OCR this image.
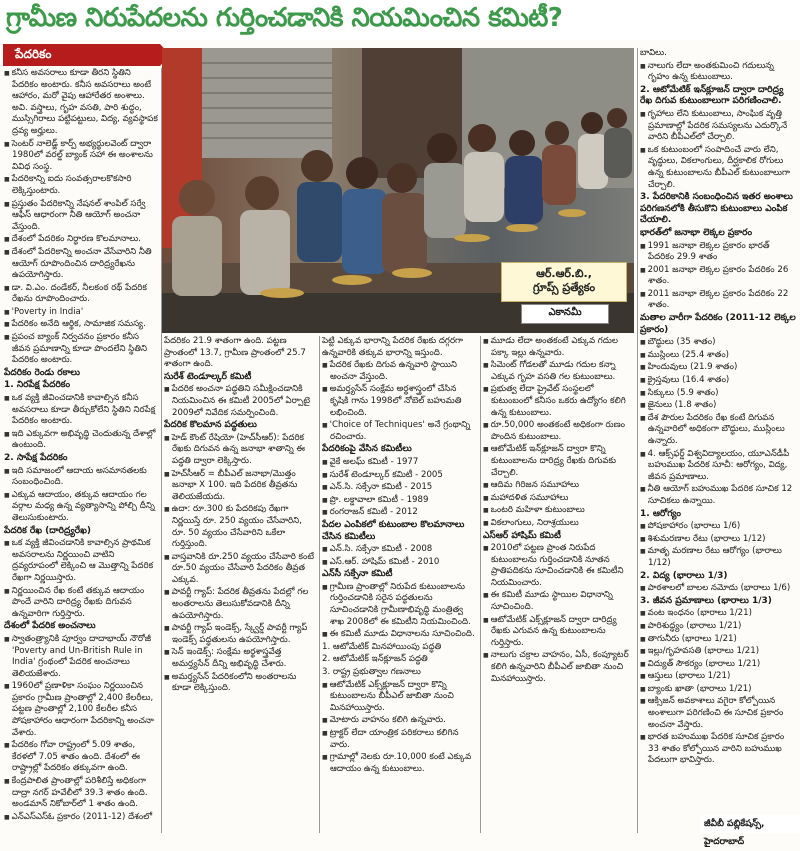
గ్రామీణ నిరుపేదలను గుర్తించడానికి నియమించిన కమిటీ?
పేదరికం
ఆర్‌.ఆర్‌.బి.,
గ్రూప్స్‌ ప్రత్యేకం
ఎకానమీ

■ కనీస అవసరాలు కూడా తీరని స్థితిని పేదరికం అంటారు. కనీస అవసరాలు అంటే ఆహారం, మరో వైపు ఆహారేతర అంశాలు. అవి. వస్త్రాలు, గృహ వసతి, పారి శుద్ధం, ముస్సిగిరాలు పట్టిపట్టులు, విద్య, వ్యవస్థాపక ద్రవ్య అర్హులు.

■ సెంటర్‌ నాలెడ్జ్‌ కార్ప్‌ అభ్యర్థులవెంట్‌ ద్వారా 1980లో వరల్డ్‌ బ్యాంక్‌ సహా ఈ అంశాలను వివిధ సంస్థ.

■ పేదరికాన్ని ఐదు సంవత్సరాలకొకసారి లెక్కిస్తుంటారు.

■ ప్రస్తుతం పేదరికాన్ని నేషనల్‌ శాంపిల్‌ సర్వే ఆఫీస్‌ ఆధారంగా నీతి ఆయోగ్‌ అంచనా వేస్తుంది.

■ దేశంలో పేదరికం నిర్ధారణ కొలమానాలు.

■ దేశంలో పేదరికాన్ని అంచనా వేసేవారిని నీతి ఆయోగ్‌ రూపొందించిన దారిద్ర్యరేఖను ఉపయోగిస్తారు.

■ డా. వి.ఎం. దండేకర్‌, నీలకంఠ రథ్‌ పేదరిక రేఖను రూపొందించారు.

■ 'Poverty in India'

■ పేదరికం అనేది ఆర్థిక, సామాజిక సమస్య.

■ ప్రపంచ బ్యాంక్‌ నిర్వచనం ప్రకారం కనీస జీవన ప్రమాణాన్ని కూడా పొందలేని స్థితిని పేదరికం అంటారు.

పేదరికం రెండు రకాలు

1. నిరపేక్ష పేదరికం

■ ఒక వ్యక్తి జీవించడానికి కావాల్సిన కనీస అవసరాలు కూడా తీర్చుకోలేని స్థితిని నిరపేక్ష పేదరికం అంటారు.

■ ఇది ఎక్కువగా అభివృద్ధి చెందుతున్న దేశాల్లో ఉంటుంది.

2. సాపేక్ష పేదరికం

■ ఇది సమాజంలో ఆదాయ అసమానతలకు సంబంధించింది.

■ ఎక్కువ ఆదాయం, తక్కువ ఆదాయం గల వర్గాల మధ్య ఉన్న వ్యత్యాసాన్ని పోల్చి దీన్ని తెలుసుకుంటారు.

పేదరిక రేఖ (దారిద్ర్యరేఖ)

■ ఒక వ్యక్తి జీవించడానికి కావాల్సిన ప్రాథమిక అవసరాలను నిర్ణయించి వాటిని ద్రవ్యరూపంలో లెక్కించి ఆ మొత్తాన్ని పేదరిక రేఖగా నిర్ణయిస్తారు.

■ నిర్ణయించిన రేఖ కంటే తక్కువ ఆదాయం పొందే వారిని దారిద్ర్య రేఖకు దిగువన ఉన్నవారిగా గుర్తిస్తారు.

దేశంలో పేదరిక అంచనాలు

■ స్వాతంత్ర్యానికి పూర్వం దాదాభాయ్‌ నౌరోజీ 'Poverty and Un-British Rule in India' గ్రంథంలో పేదరిక అంచనాలు తెలియజేశారు.

■ 1960లో ప్రణాళికా సంఘం నిర్ణయించిన ప్రకారం గ్రామీణ ప్రాంతాల్లో 2,400 కేలరీలు, పట్టణ ప్రాంతాల్లో 2,100 కేలరీల కనీస పోషకాహారం ఆధారంగా పేదరికాన్ని అంచనా వేశారు.

■ పేదరికం గోవా రాష్ట్రంలో 5.09 శాతం, కేరళలో 7.05 శాతం ఉంది. దేశంలో ఈ రాష్ట్రాల్లో పేదరికం తక్కువగా ఉంది.

■ కేంద్రపాలిత ప్రాంతాల్లో పరిశీలిస్తే అధికంగా దాద్రా నగర్‌ హవేలీలో 39.3 శాతం ఉంది. అండమాన్‌ నికోబార్‌లో 1 శాతం ఉంది.

■ ఎన్‌ఎస్‌ఎస్‌ఓ ప్రకారం (2011-12) దేశంలో

పేదరికం 21.9 శాతంగా ఉంది. పట్టణ ప్రాంతంలో 13.7, గ్రామీణ ప్రాంతంలో 25.7 శాతంగా ఉంది.

సురేశ్‌ టెండూల్కర్‌ కమిటీ

■ పేదరిక అంచనా పద్ధతిని సమీక్షించడానికి నియమించిన ఈ కమిటీ 2005లో ఏర్పాటై 2009లో నివేదిక సమర్పించింది.

పేదరిక కొలమాన పద్ధతులు

■ హెడ్‌ కౌంట్‌ రేషియో (హెచ్‌సీఆర్‌): పేదరిక రేఖకు దిగువన ఉన్న జనాభా శాతాన్ని ఈ పద్ధతి ద్వారా లెక్కిస్తారు.

■ హెచ్‌సీఆర్‌ = బీపీఎల్‌ జనాభా/మొత్తం జనాభా X 100. ఇది పేదరిక తీవ్రతను తెలియజేయదు.

■ ఉదా: రూ.300 కు పేదరికపు రేఖగా నిర్ణయిస్తే రూ. 250 వ్యయం చేసేవారిని, రూ. 50 వ్యయం చేసేవారిని ఒకేలా గుర్తిస్తుంది.

■ వాస్తవానికి రూ.250 వ్యయం చేసేవారి కంటే రూ.50 వ్యయం చేసేవారి పేదరికం తీవ్రత ఎక్కువ.

■ పావర్టీ గ్యాప్‌: పేదరిక తీవ్రతను పేదల్లో గల అంతరాలను తెలుసుకోవడానికి దీన్ని ఉపయోగిస్తారు.

■ పావర్టీ గ్యాప్‌ ఇండెక్స్‌, స్క్వేర్డ్‌ పావర్టీ గ్యాప్‌ ఇండెక్స్‌ పద్ధతులను ఉపయోగిస్తారు.

■ సెన్‌ ఇండెక్స్‌: సంక్షేమ అర్థశాస్త్రవేత్త అమర్త్యసేన్‌ దీన్ని అభివృద్ధి చేశారు.

■ అమర్త్యసేన్‌ పేదరికంలోని అంతరాలను కూడా లెక్కిస్తుంది.

పెట్టి ఎక్కువ భారాన్ని పేదరిక రేఖకు దగ్గరగా ఉన్నవారికి తక్కువ భారాన్ని ఇస్తుంది.

■ పేదరిక రేఖకు దిగువ ఉన్నవారి స్థాయిని అంచనా వేస్తుంది.

■ అమర్త్యసేన్‌ సంక్షేమ అర్థశాస్త్రంలో చేసిన కృషికి గాను 1998లో నోబెల్‌ బహుమతి లభించింది.

■ 'Choice of Techniques' అనే గ్రంథాన్ని రచించారు.

పేదరికంపై వేసిన కమిటీలు

■ వైకే అలఘ్‌ కమిటీ - 1977

■ సురేశ్‌ టెండూల్కర్‌ కమిటీ - 2005

■ ఎన్‌.సి. సక్సేనా కమిటీ - 2015

■ ప్రొ. లక్డావాలా కమిటీ - 1989

■ రంగరాజన్‌ కమిటీ - 2012

పేదల ఎంపికలో కుటుంబాల కొలమానాలు చేసిన కమిటీలు

■ ఎన్‌.సి. సక్సేనా కమిటీ - 2008

■ ఎస్‌.ఆర్‌. హాషిమ్‌ కమిటీ - 2010

ఎన్‌సీ సక్సేనా కమిటీ

■ గ్రామీణ ప్రాంతాల్లో నిరుపేద కుటుంబాలను గుర్తించడానికి సరైన పద్ధతులను సూచించడానికి గ్రామీణాభివృద్ధి మంత్రిత్వ శాఖ 2008లో ఈ కమిటీని నియమించింది.

■ ఈ కమిటీ మూడు విధానాలను సూచించింది.

1. ఆటోమేటిక్‌ మినహాయింపు పద్ధతి

2. ఆటోమేటిక్‌ ఇన్‌క్లూజన్‌ పద్ధతి

3. రాష్ట్ర ప్రభుత్వాల గణనాలు

■ ఆటోమేటిక్‌ ఎక్స్‌క్లూజన్‌ ద్వారా కొన్ని కుటుంబాలను బీపీఎల్‌ జాబితా నుంచి మినహాయిస్తారు.

■ మోటారు వాహనం కలిగి ఉన్నవారు.

■ ట్రాక్టర్‌ లేదా యాంత్రిక పరికరాలు కలిగిన వారు.

■ గ్రామాల్లో నెలకు రూ.10,000 కంటే ఎక్కువ ఆదాయం ఉన్న కుటుంబాలు.

■ మూడు లేదా అంతకంటే ఎక్కువ గదుల పక్కా ఇల్లు ఉన్నవారు.

■ సిమెంట్‌ గోడలతో మూడు గదుల కన్నా ఎక్కువ గృహ వసతి గల కుటుంబాలు.

■ ప్రభుత్వ లేదా ప్రైవేట్‌ సంస్థలలో కుటుంబంలో కనీసం ఒకరు ఉద్యోగం కలిగి ఉన్న కుటుంబాలు.

■ రూ.50,000 అంతకంటే అధికంగా రుణం పొందిన కుటుంబాలు.

■ ఆటోమేటిక్‌ ఇన్‌క్లూజన్‌ ద్వారా కొన్ని కుటుంబాలను దారిద్ర్య రేఖకు దిగువకు చేర్చాలి.

■ ఆదిమ గిరిజన సమూహాలు

■ మహాదళిత సమూహాలు

■ ఒంటరి మహిళా కుటుంబాలు

■ వికలాంగులు, నిరాశ్రయులు

ఎస్‌ఆర్‌ హాషిమ్‌ కమిటీ

■ 2010లో పట్టణ ప్రాంత నిరుపేద కుటుంబాలను గుర్తించడానికి నూతన ప్రాతిపదికను సూచించడానికి ఈ కమిటీని నియమించారు.

■ ఈ కమిటీ మూడు స్థాయిల విధానాన్ని సూచించింది.

■ ఆటోమేటిక్‌ ఎక్స్‌క్లూజన్‌ ద్వారా దారిద్ర్య రేఖకు ఎగువన ఉన్న కుటుంబాలను గుర్తిస్తారు.

■ నాలుగు చక్రాల వాహనం, ఏసీ, కంప్యూటర్‌ కలిగి ఉన్నవారిని బీపీఎల్‌ జాబితా నుంచి మినహాయిస్తారు.

బావిలు.

■ నాలుగు లేదా అంతకుమించి గదులున్న గృహం ఉన్న కుటుంబాలు.

2. ఆటోమేటిక్‌ ఇన్‌క్లూజన్‌ ద్వారా దారిద్ర్య రేఖ దిగువ కుటుంబాలుగా పరిగణించాలి.

■ గృహాలు లేని కుటుంబాలు, సాంఘిక వృత్తి ప్రమాణాల్లో పేదరిక సమస్యలను ఎదుర్కొనే వారిని బీపీఎల్‌లో చేర్చాలి.

■ ఒక కుటుంబంలో సంపాదించే వారు లేని, వృద్ధులు, వికలాంగులు, దీర్ఘకాలిక రోగులు ఉన్న కుటుంబాలను బీపీఎల్‌ కుటుంబాలుగా చేర్చాలి.

3. పేదరికానికి సంబంధించిన ఇతర అంశాలు పరిగణనలోకి తీసుకొని కుటుంబాలు ఎంపిక చేయాలి.

భారత్‌లో జనాభా లెక్కల ప్రకారం

■ 1991 జనాభా లెక్కల ప్రకారం భారత్‌ పేదరికం 29.9 శాతం

■ 2001 జనాభా లెక్కల ప్రకారం పేదరికం 26 శాతం.

■ 2011 జనాభా లెక్కల ప్రకారం పేదరికం 22 శాతం.

మతాల వారీగా పేదరికం (2011-12 లెక్కల ప్రకారం)

■ బౌద్ధులు (35 శాతం)

■ ముస్లింలు (25.4 శాతం)

■ హిందువులు (21.9 శాతం)

■ క్రైస్తవులు (16.4 శాతం)

■ సిక్కులు (5.9 శాతం)

■ జైనులు (1.8 శాతం)

■ దేశ పౌరుల పేదరికం రేఖ కంటే దిగువన ఉన్నవారిలో అధికంగా బౌద్ధులు, ముస్లింలు ఉన్నారు.

■ 4. ఆక్స్‌ఫర్డ్‌ విశ్వవిద్యాలయం, యూఎన్‌డీపీ బహుముఖ పేదరిక సూచీ: ఆరోగ్యం, విద్య, జీవన ప్రమాణాలు.

■ నీతి ఆయోగ్‌ బహుముఖ పేదరిక సూచిక 12 సూచికలు ఉన్నాయి.

1. ఆరోగ్యం

■ పోషకాహారం (భారాలు 1/6)

■ శిశుమరణాల రేటు (భారాలు 1/12)

■ మాతృ మరణాల రేటు ఆరోగ్యం (భారాలు 1/12)

2. విద్య (భారాలు 1/3)

■ పాఠశాలలో బాలల నమోదు (భారాలు 1/6)

3. జీవన ప్రమాణాలు (భారాలు 1/3)

■ వంట ఇంధనం (భారాలు 1/21)

■ పారిశుద్ధ్యం (భారాలు 1/21)

■ తాగునీరు (భారాలు 1/21)

■ ఇల్లు/గృహవసతి (భారాలు 1/21)

■ విద్యుత్‌ సౌకర్యం (భారాలు 1/21)

■ ఆస్తులు (భారాలు 1/21)

■ బ్యాంకు ఖాతా (భారాలు 1/21)

■ ఆక్సిజన్‌ అవకాశాలు వగైరా కోల్పోయిన అంశాలుగా పరిగణించి ఈ సూచిక ప్రకారం అంచనా వేస్తారు.

■ భారత బహుముఖ పేదరిక సూచిక ప్రకారం 33 శాతం కోల్పోయిన వారిని బహుముఖ పేదలుగా భావిస్తారు.

జీవీబీ పబ్లికేషన్స్‌, హైదరాబాద్‌
